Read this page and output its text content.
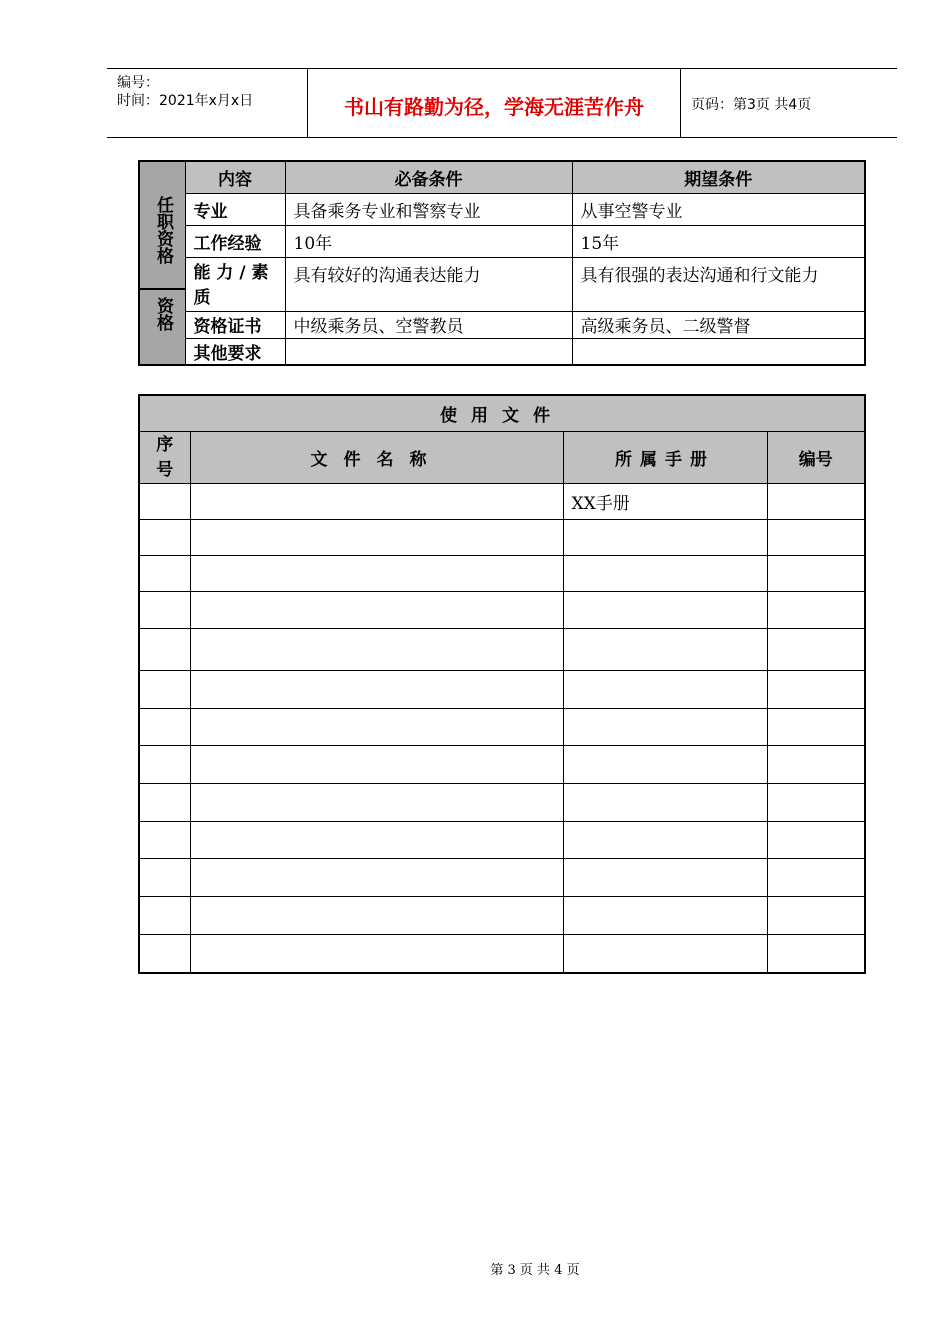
编号：
时间：2021年x月x日	书山有路勤为径，学海无涯苦作舟	页码：第3页 共4页
任职资格
资格	内容	必备条件	期望条件
	专业	具备乘务专业和警察专业	从事空警专业
	工作经验	10年	15年
	能 力 / 素 质	具有较好的沟通表达能力	具有很强的表达沟通和行文能力
	资格证书	中级乘务员、空警教员	高级乘务员、二级警督
	其他要求		
使用文件			
序号	文件名称	所属手册	编号
		XX手册	

第 3 页 共 4 页
